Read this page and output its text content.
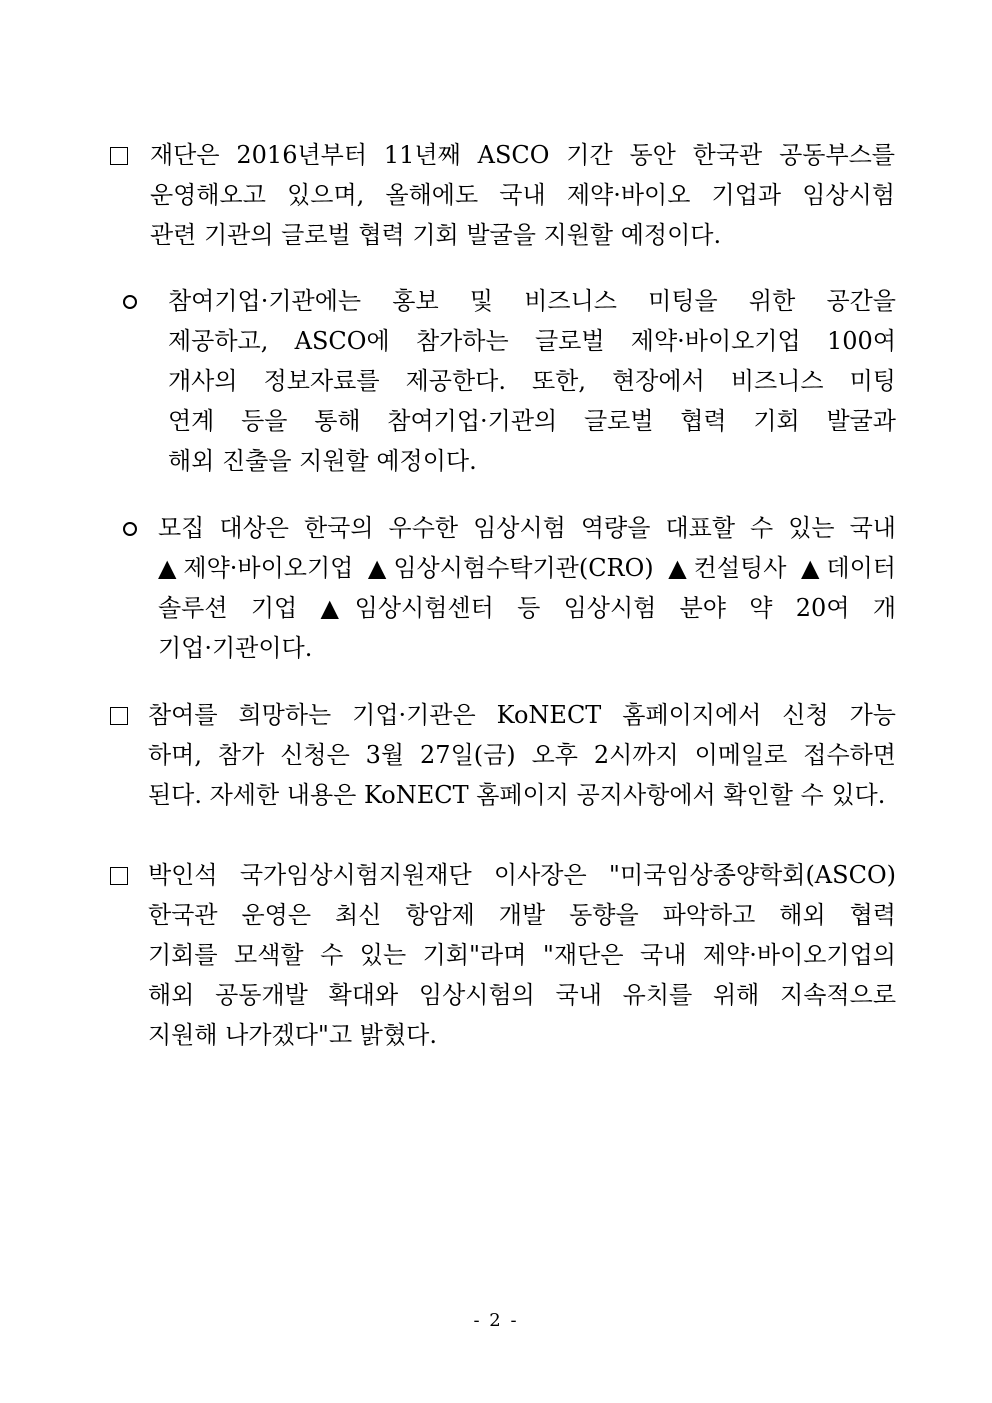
재단은 2016년부터 11년째 ASCO 기간 동안 한국관 공동부스를
운영해오고 있으며, 올해에도 국내 제약·바이오 기업과 임상시험
관련 기관의 글로벌 협력 기회 발굴을 지원할 예정이다.
참여기업·기관에는 홍보 및 비즈니스 미팅을 위한 공간을
제공하고, ASCO에 참가하는 글로벌 제약·바이오기업 100여
개사의 정보자료를 제공한다. 또한, 현장에서 비즈니스 미팅
연계 등을 통해 참여기업·기관의 글로벌 협력 기회 발굴과
해외 진출을 지원할 예정이다.
모집 대상은 한국의 우수한 임상시험 역량을 대표할 수 있는 국내
▲제약·바이오기업 ▲임상시험수탁기관(CRO) ▲컨설팅사 ▲데이터
솔루션 기업 ▲임상시험센터 등 임상시험 분야 약 20여 개
기업·기관이다.
참여를 희망하는 기업·기관은 KoNECT 홈페이지에서 신청 가능
하며, 참가 신청은 3월 27일(금) 오후 2시까지 이메일로 접수하면
된다. 자세한 내용은 KoNECT 홈페이지 공지사항에서 확인할 수 있다.
박인석 국가임상시험지원재단 이사장은 "미국임상종양학회(ASCO)
한국관 운영은 최신 항암제 개발 동향을 파악하고 해외 협력
기회를 모색할 수 있는 기회"라며 "재단은 국내 제약·바이오기업의
해외 공동개발 확대와 임상시험의 국내 유치를 위해 지속적으로
지원해 나가겠다"고 밝혔다.
- 2 -
